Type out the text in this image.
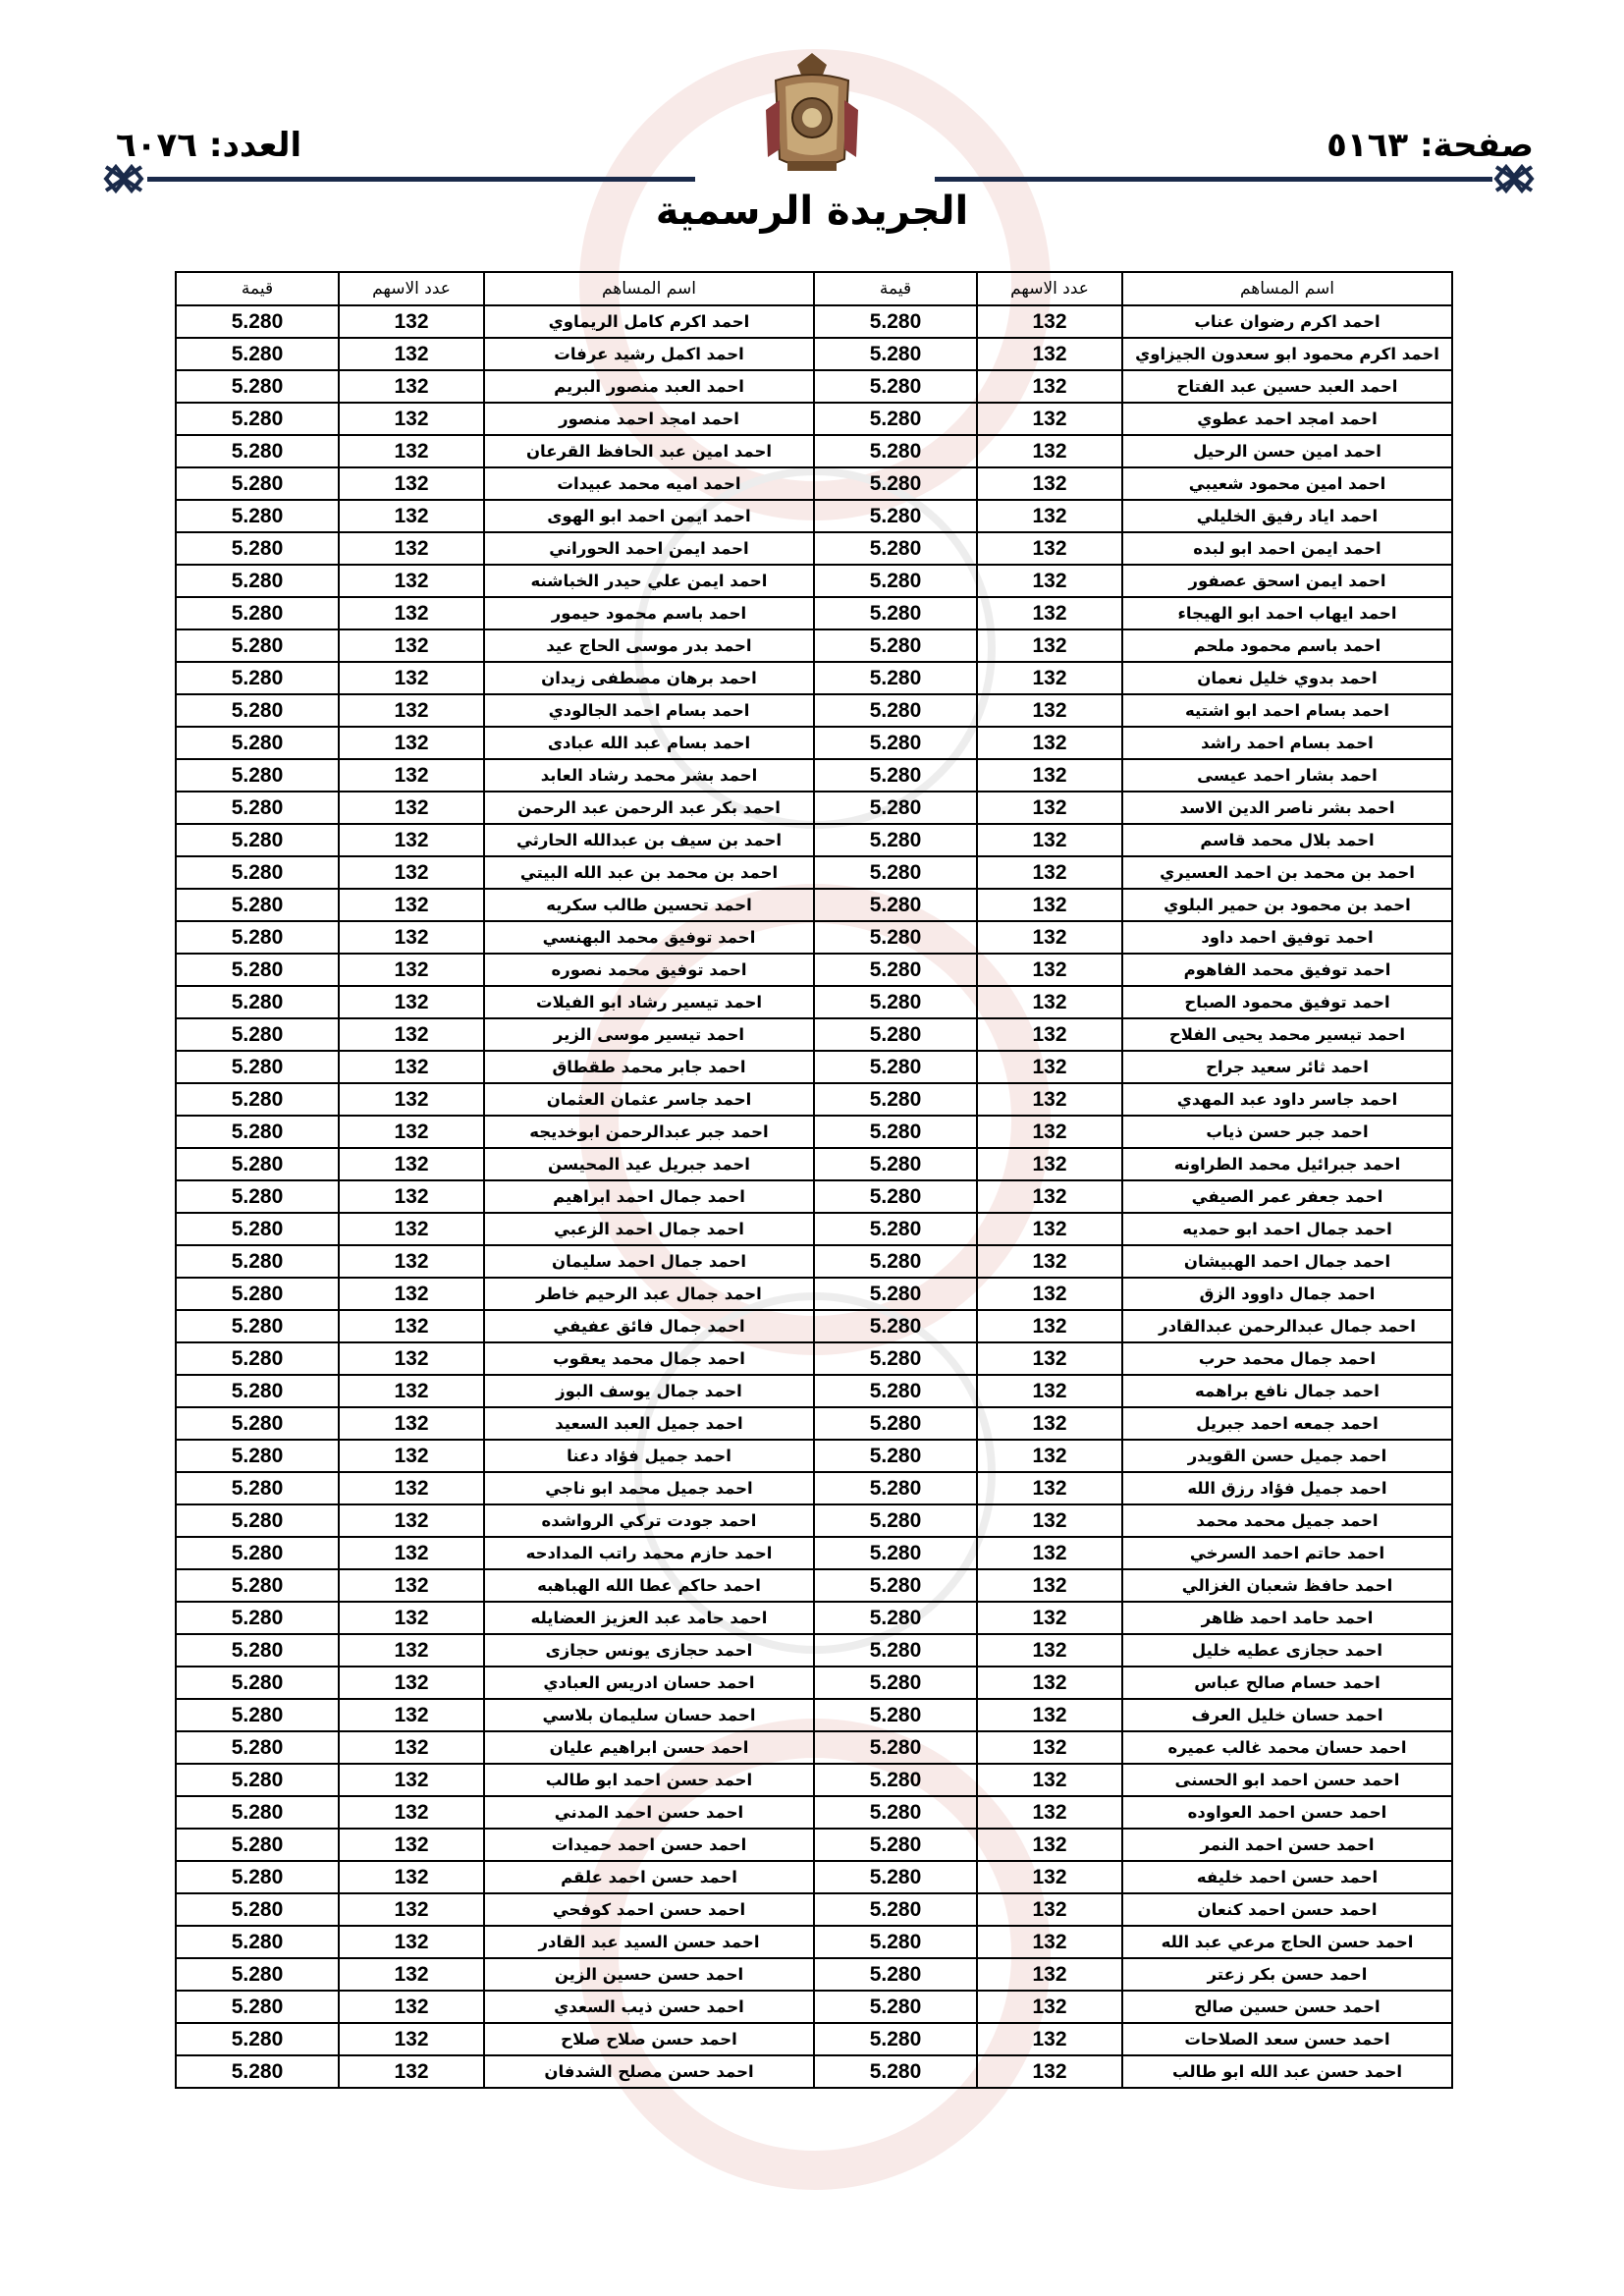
صفحة: ٥١٦٣
العدد: ٦٠٧٦
الجريدة الرسمية
اسم المساهم	عدد الاسهم	قيمة	اسم المساهم	عدد الاسهم	قيمة
احمد اكرم رضوان عناب	132	5.280	احمد اكرم كامل الريماوي	132	5.280
احمد اكرم محمود ابو سعدون الجيزاوي	132	5.280	احمد اكمل رشيد عرفات	132	5.280
احمد العبد حسين عبد الفتاح	132	5.280	احمد العبد منصور البريم	132	5.280
احمد امجد احمد عطوي	132	5.280	احمد امجد احمد منصور	132	5.280
احمد امين حسن الرحيل	132	5.280	احمد امين عبد الحافظ القرعان	132	5.280
احمد امين محمود شعيبي	132	5.280	احمد اميه محمد عبيدات	132	5.280
احمد اياد رفيق الخليلي	132	5.280	احمد ايمن احمد ابو الهوى	132	5.280
احمد ايمن احمد ابو لبده	132	5.280	احمد ايمن احمد الحوراني	132	5.280
احمد ايمن اسحق عصفور	132	5.280	احمد ايمن علي حيدر الخباشنه	132	5.280
احمد ايهاب احمد ابو الهيجاء	132	5.280	احمد باسم محمود حيمور	132	5.280
احمد باسم محمود ملحم	132	5.280	احمد بدر موسى الحاج عيد	132	5.280
احمد بدوي خليل نعمان	132	5.280	احمد برهان مصطفى زيدان	132	5.280
احمد بسام احمد ابو اشتيه	132	5.280	احمد بسام احمد الجالودي	132	5.280
احمد بسام احمد راشد	132	5.280	احمد بسام عبد الله عبادى	132	5.280
احمد بشار احمد عيسى	132	5.280	احمد بشر محمد رشاد العابد	132	5.280
احمد بشر ناصر الدين الاسد	132	5.280	احمد بكر عبد الرحمن عبد الرحمن	132	5.280
احمد بلال محمد قاسم	132	5.280	احمد بن سيف بن عبدالله الحارثي	132	5.280
احمد بن محمد بن احمد العسيري	132	5.280	احمد بن محمد بن عبد الله البيتي	132	5.280
احمد بن محمود بن حمير البلوي	132	5.280	احمد تحسين طالب سكريه	132	5.280
احمد توفيق احمد داود	132	5.280	احمد توفيق محمد البهنسي	132	5.280
احمد توفيق محمد الفاهوم	132	5.280	احمد توفيق محمد نصوره	132	5.280
احمد توفيق محمود الصباح	132	5.280	احمد تيسير رشاد ابو الفيلات	132	5.280
احمد تيسير محمد يحيى الفلاح	132	5.280	احمد تيسير موسى الزير	132	5.280
احمد ثائر سعيد جراح	132	5.280	احمد جابر محمد طقطاق	132	5.280
احمد جاسر داود عبد المهدي	132	5.280	احمد جاسر عثمان العثمان	132	5.280
احمد جبر حسن ذياب	132	5.280	احمد جبر عبدالرحمن ابوخديجه	132	5.280
احمد جبرائيل محمد الطراونه	132	5.280	احمد جبريل عيد المحيسن	132	5.280
احمد جعفر عمر الصيفي	132	5.280	احمد جمال احمد ابراهيم	132	5.280
احمد جمال احمد ابو حمديه	132	5.280	احمد جمال احمد الزعبي	132	5.280
احمد جمال احمد الهبيشان	132	5.280	احمد جمال احمد سليمان	132	5.280
احمد جمال داوود الزق	132	5.280	احمد جمال عبد الرحيم خاطر	132	5.280
احمد جمال عبدالرحمن عبدالقادر	132	5.280	احمد جمال فائق عفيفي	132	5.280
احمد جمال محمد حرب	132	5.280	احمد جمال محمد يعقوب	132	5.280
احمد جمال نافع براهمه	132	5.280	احمد جمال يوسف البوز	132	5.280
احمد جمعه احمد جبريل	132	5.280	احمد جميل العبد السعيد	132	5.280
احمد جميل حسن القويدر	132	5.280	احمد جميل فؤاد دعنا	132	5.280
احمد جميل فؤاد رزق الله	132	5.280	احمد جميل محمد ابو ناجي	132	5.280
احمد جميل محمد محمد	132	5.280	احمد جودت تركي الرواشده	132	5.280
احمد حاتم احمد السرخي	132	5.280	احمد حازم محمد راتب المدادحه	132	5.280
احمد حافظ شعبان الغزالي	132	5.280	احمد حاكم عطا الله الهباهبه	132	5.280
احمد حامد احمد ظاهر	132	5.280	احمد حامد عبد العزيز العضايله	132	5.280
احمد حجازى عطيه خليل	132	5.280	احمد حجازى يونس حجازى	132	5.280
احمد حسام صالح عباس	132	5.280	احمد حسان ادريس العبادي	132	5.280
احمد حسان خليل العرف	132	5.280	احمد حسان سليمان بلاسي	132	5.280
احمد حسان محمد غالب عميره	132	5.280	احمد حسن ابراهيم عليان	132	5.280
احمد حسن احمد ابو الحسنى	132	5.280	احمد حسن احمد ابو طالب	132	5.280
احمد حسن احمد العواوده	132	5.280	احمد حسن احمد المدني	132	5.280
احمد حسن احمد النمر	132	5.280	احمد حسن احمد حميدات	132	5.280
احمد حسن احمد خليفه	132	5.280	احمد حسن احمد علقم	132	5.280
احمد حسن احمد كنعان	132	5.280	احمد حسن احمد كوفحي	132	5.280
احمد حسن الحاج مرعي عبد الله	132	5.280	احمد حسن السيد عبد القادر	132	5.280
احمد حسن بكر زعتر	132	5.280	احمد حسن حسين الزين	132	5.280
احمد حسن حسين صالح	132	5.280	احمد حسن ذيب السعدي	132	5.280
احمد حسن سعد الصلاحات	132	5.280	احمد حسن صلاح صلاح	132	5.280
احمد حسن عبد الله ابو طالب	132	5.280	احمد حسن مصلح الشدفان	132	5.280
